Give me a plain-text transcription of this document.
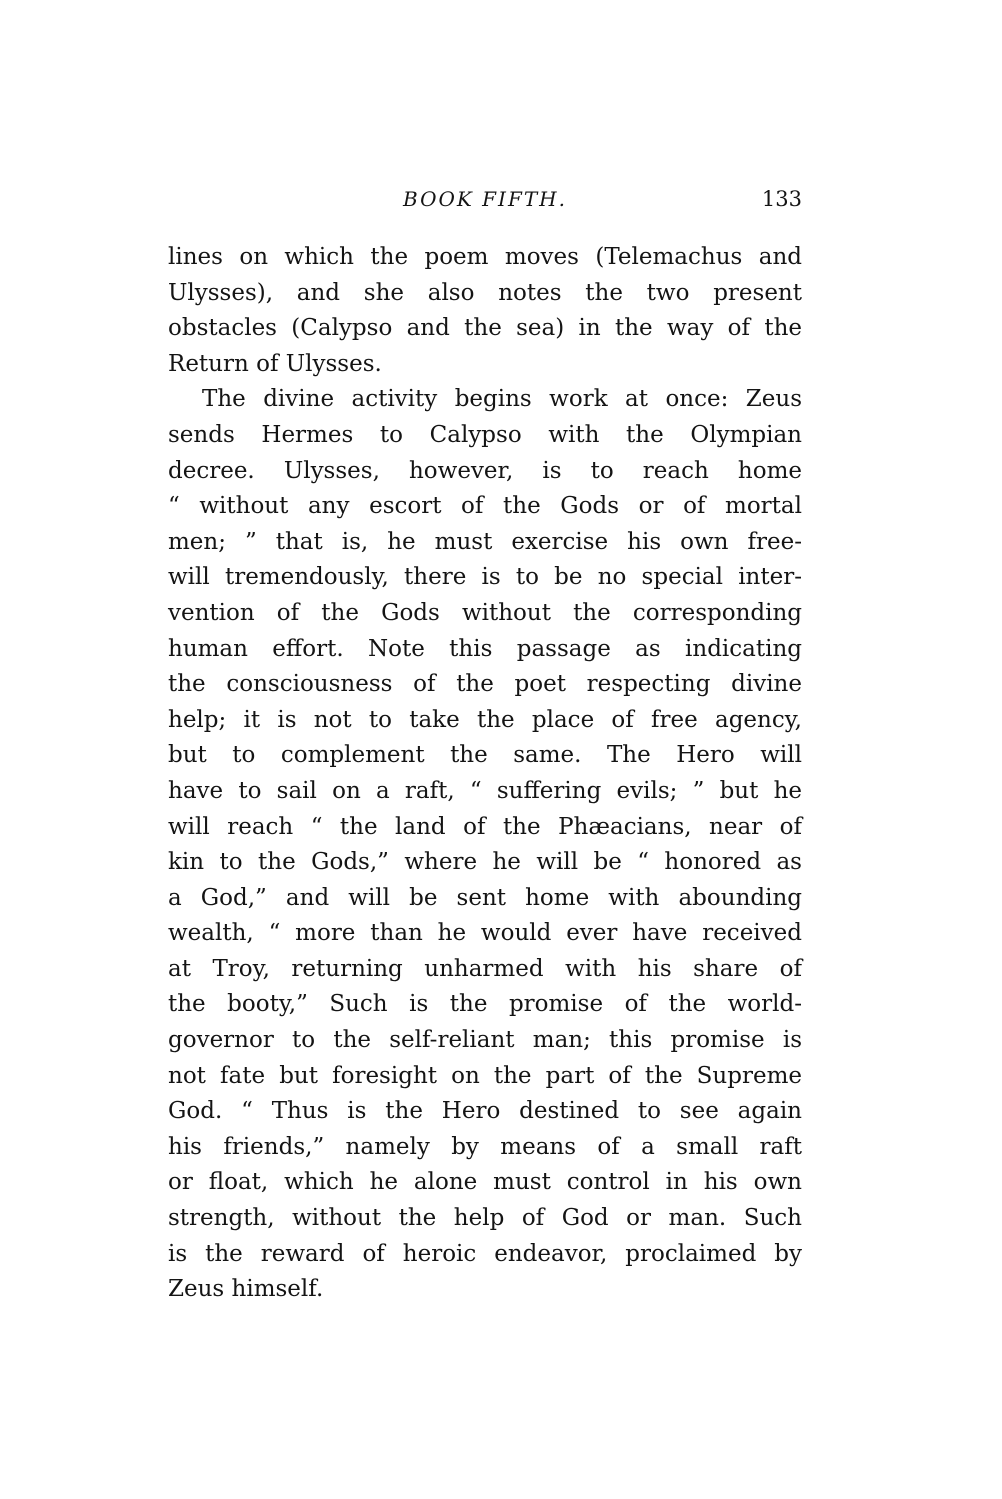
BOOK FIFTH.	133
lines on which the poem moves (Telemachus and
Ulysses), and she also notes the two present
obstacles (Calypso and the sea) in the way of the
Return of Ulysses.
The divine activity begins work at once: Zeus
sends Hermes to Calypso with the Olympian
decree. Ulysses, however, is to reach home
“ without any escort of the Gods or of mortal
men; ” that is, he must exercise his own free-
will tremendously, there is to be no special inter-
vention of the Gods without the corresponding
human effort. Note this passage as indicating
the consciousness of the poet respecting divine
help; it is not to take the place of free agency,
but to complement the same. The Hero will
have to sail on a raft, “ suffering evils; ” but he
will reach “ the land of the Phæacians, near of
kin to the Gods,” where he will be “ honored as
a God,” and will be sent home with abounding
wealth, “ more than he would ever have received
at Troy, returning unharmed with his share of
the booty,” Such is the promise of the world-
governor to the self-reliant man; this promise is
not fate but foresight on the part of the Supreme
God. “ Thus is the Hero destined to see again
his friends,” namely by means of a small raft
or float, which he alone must control in his own
strength, without the help of God or man. Such
is the reward of heroic endeavor, proclaimed by
Zeus himself.
